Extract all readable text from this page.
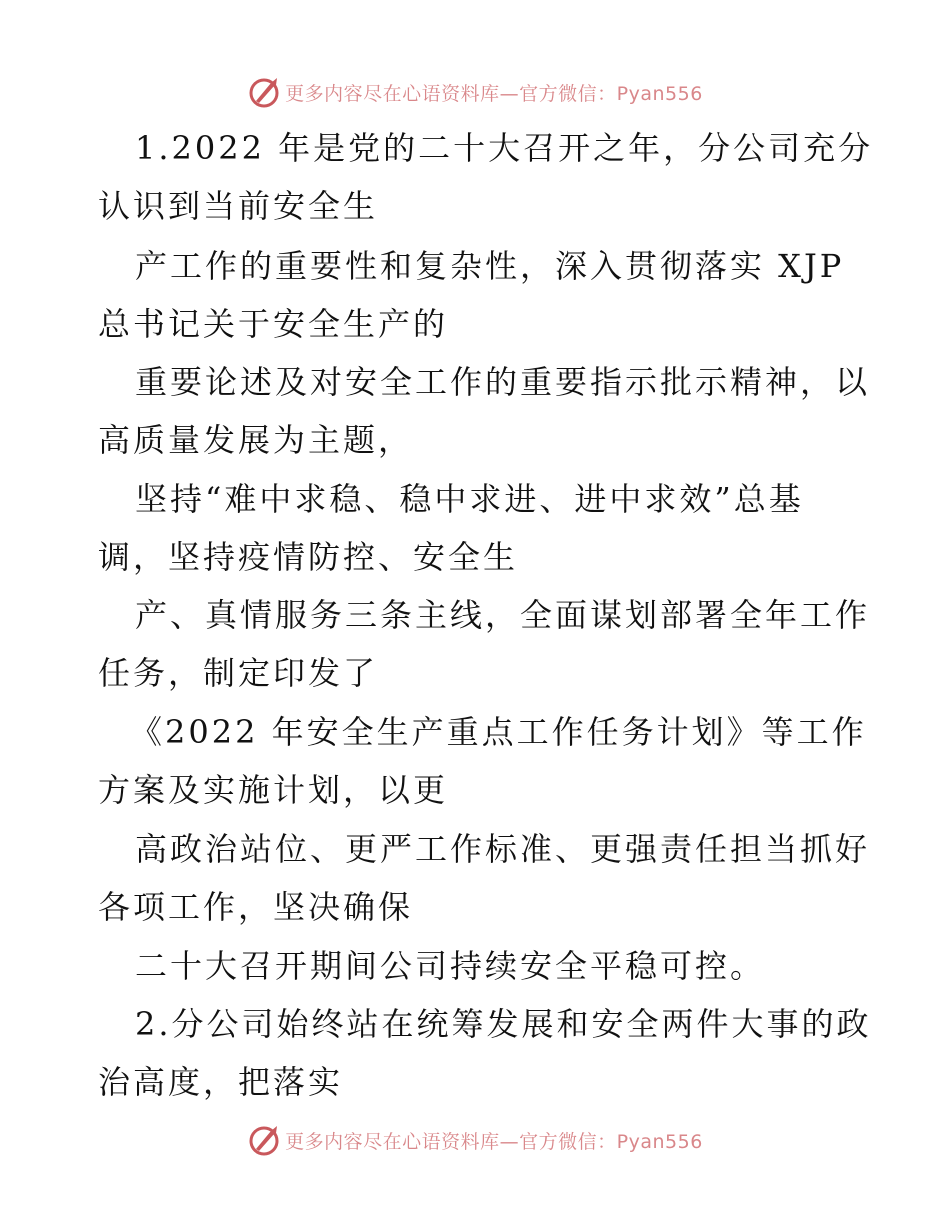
更多内容尽在心语资料库—官方微信：Pyan556
1.2022 年是党的二十大召开之年，分公司充分
认识到当前安全生
产工作的重要性和复杂性，深入贯彻落实 XJP
总书记关于安全生产的
重要论述及对安全工作的重要指示批示精神，以
高质量发展为主题，
坚持“难中求稳、稳中求进、进中求效”总基
调，坚持疫情防控、安全生
产、真情服务三条主线，全面谋划部署全年工作
任务，制定印发了
《2022 年安全生产重点工作任务计划》等工作
方案及实施计划，以更
高政治站位、更严工作标准、更强责任担当抓好
各项工作，坚决确保
二十大召开期间公司持续安全平稳可控。
2.分公司始终站在统筹发展和安全两件大事的政
治高度，把落实
更多内容尽在心语资料库—官方微信：Pyan556
